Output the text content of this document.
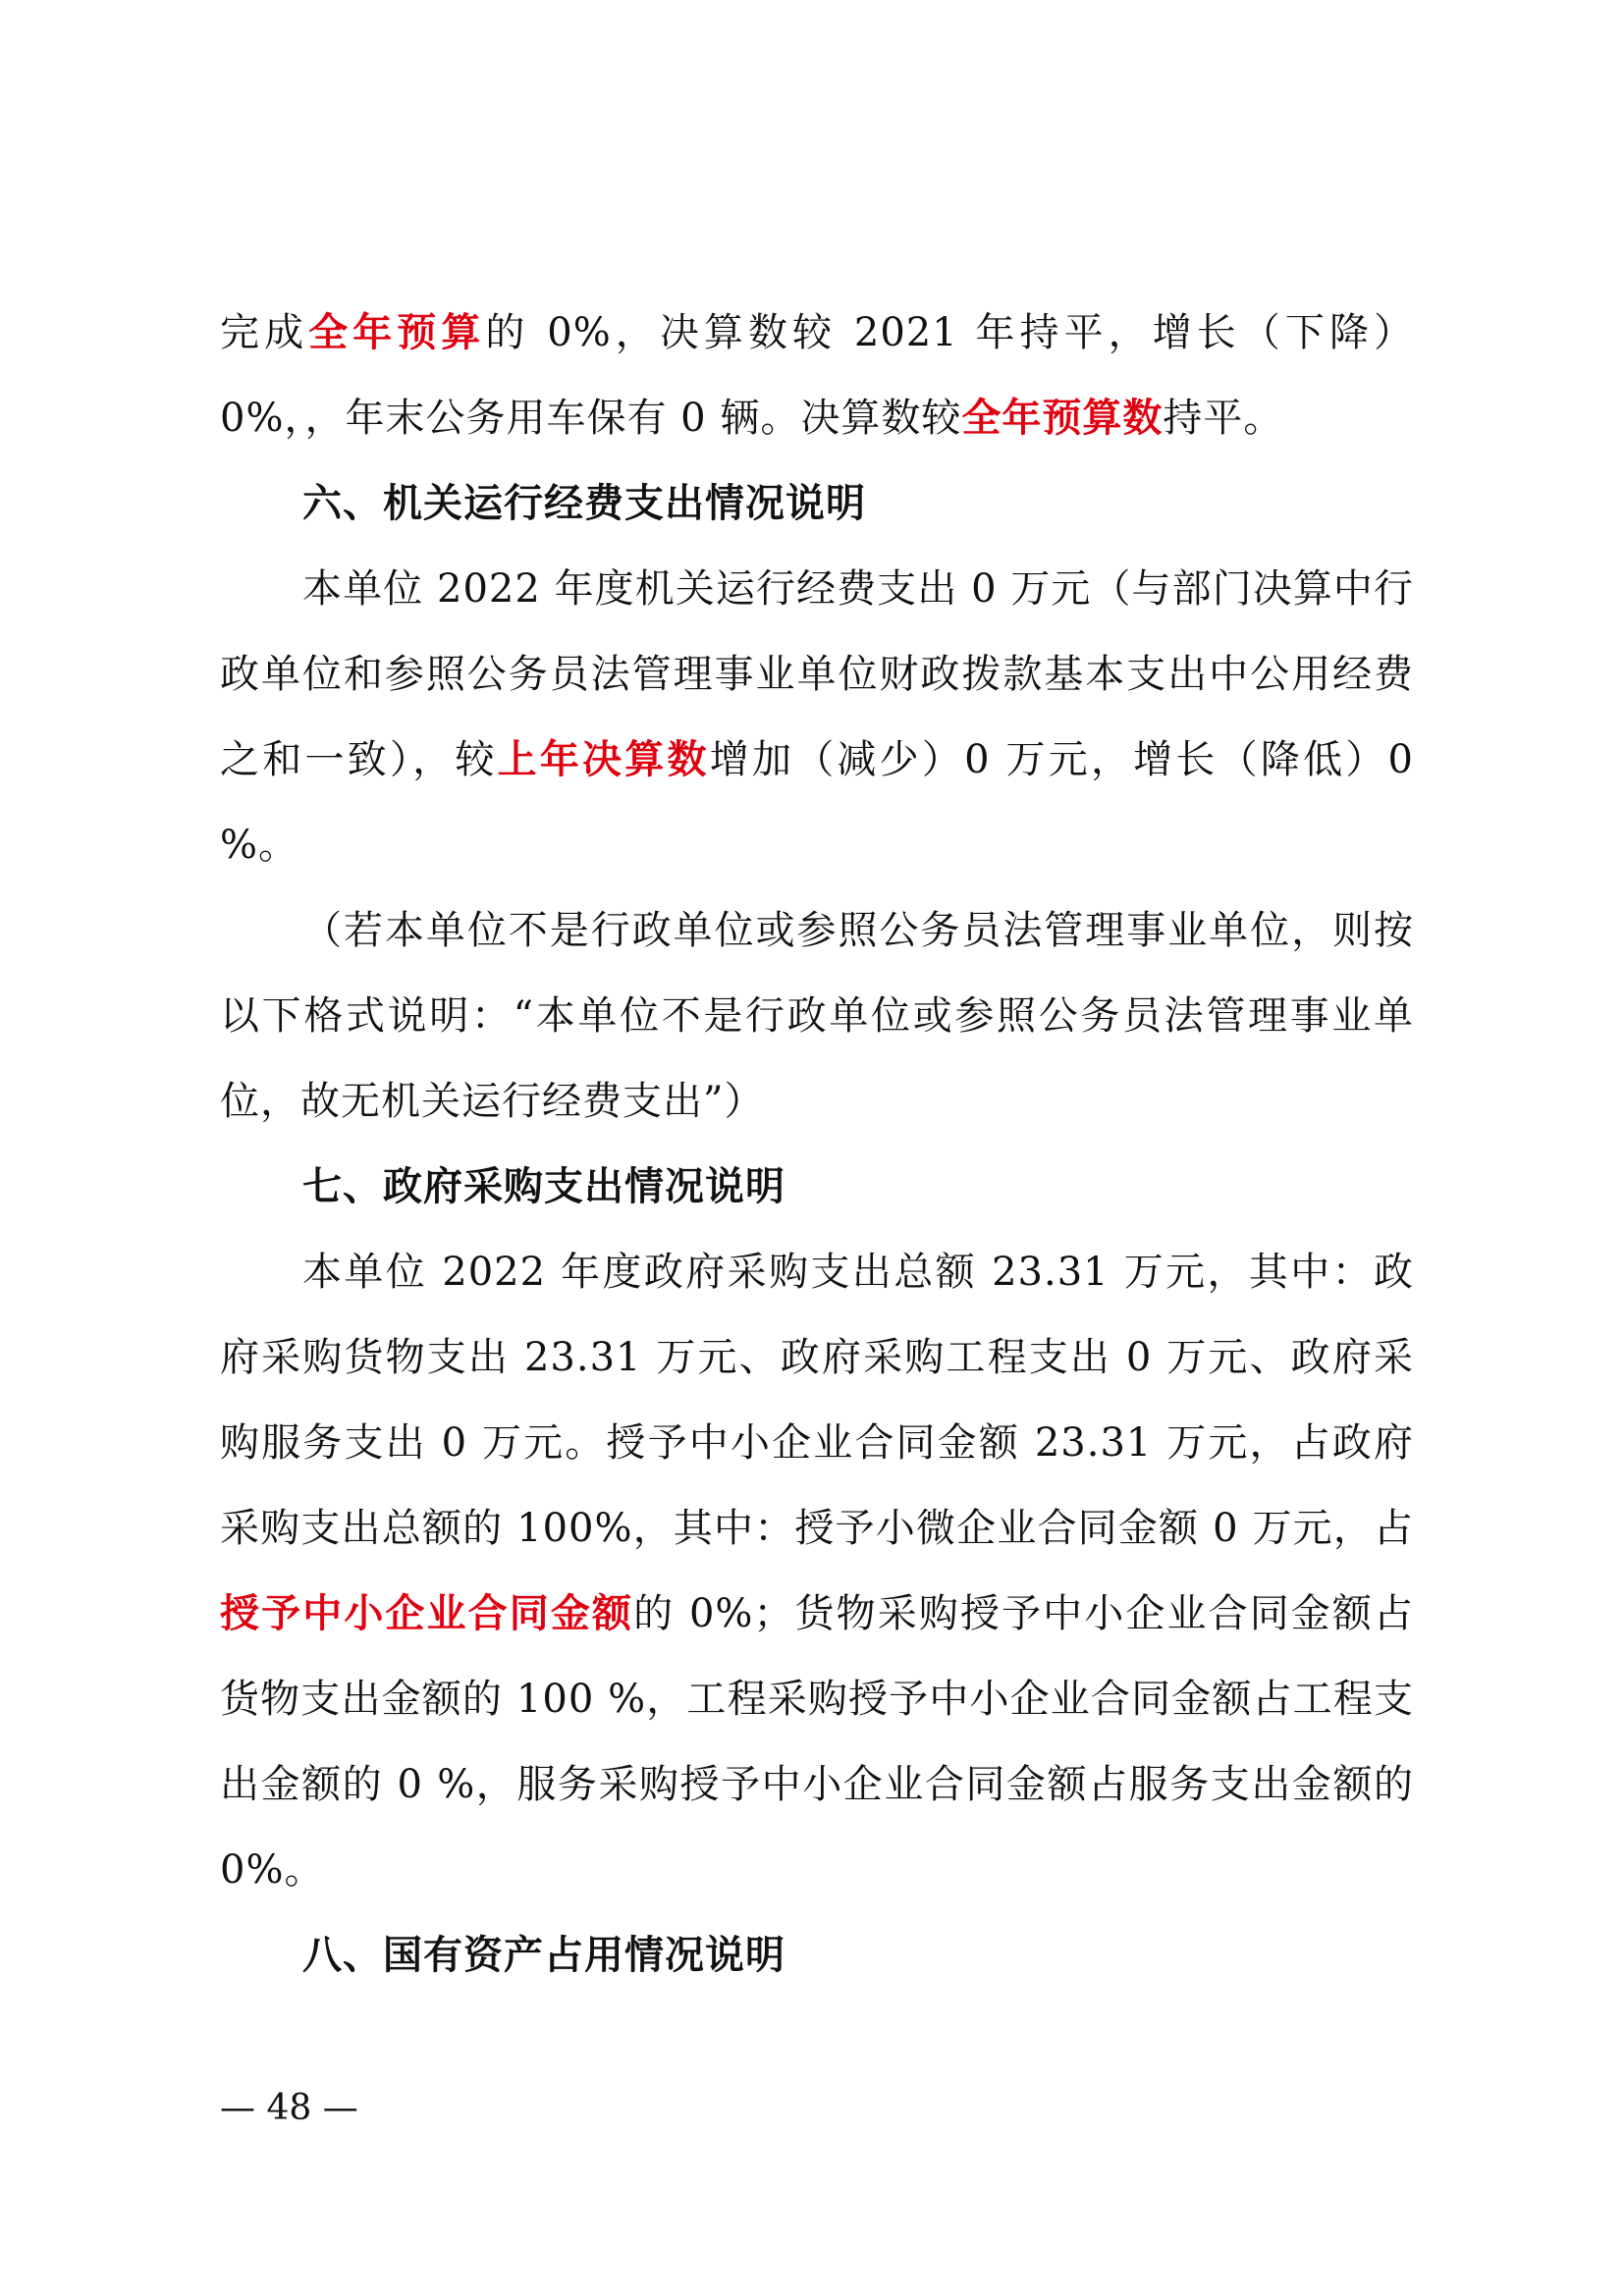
完成全年预算的 0%，决算数较 2021 年持平，增长（下降）0%，，年末公务用车保有 0 辆。决算数较全年预算数持平。

六、机关运行经费支出情况说明

本单位 2022 年度机关运行经费支出 0 万元（与部门决算中行政单位和参照公务员法管理事业单位财政拨款基本支出中公用经费之和一致），较上年决算数增加（减少）0 万元，增长（降低）0 %。

（若本单位不是行政单位或参照公务员法管理事业单位，则按以下格式说明：“本单位不是行政单位或参照公务员法管理事业单位，故无机关运行经费支出”）

七、政府采购支出情况说明

本单位 2022 年度政府采购支出总额 23.31 万元，其中：政府采购货物支出 23.31 万元、政府采购工程支出 0 万元、政府采购服务支出 0 万元。授予中小企业合同金额 23.31 万元，占政府采购支出总额的 100%，其中：授予小微企业合同金额 0 万元，占授予中小企业合同金额的 0%；货物采购授予中小企业合同金额占货物支出金额的 100 %，工程采购授予中小企业合同金额占工程支出金额的 0 %，服务采购授予中小企业合同金额占服务支出金额的 0%。

八、国有资产占用情况说明
— 48 —
